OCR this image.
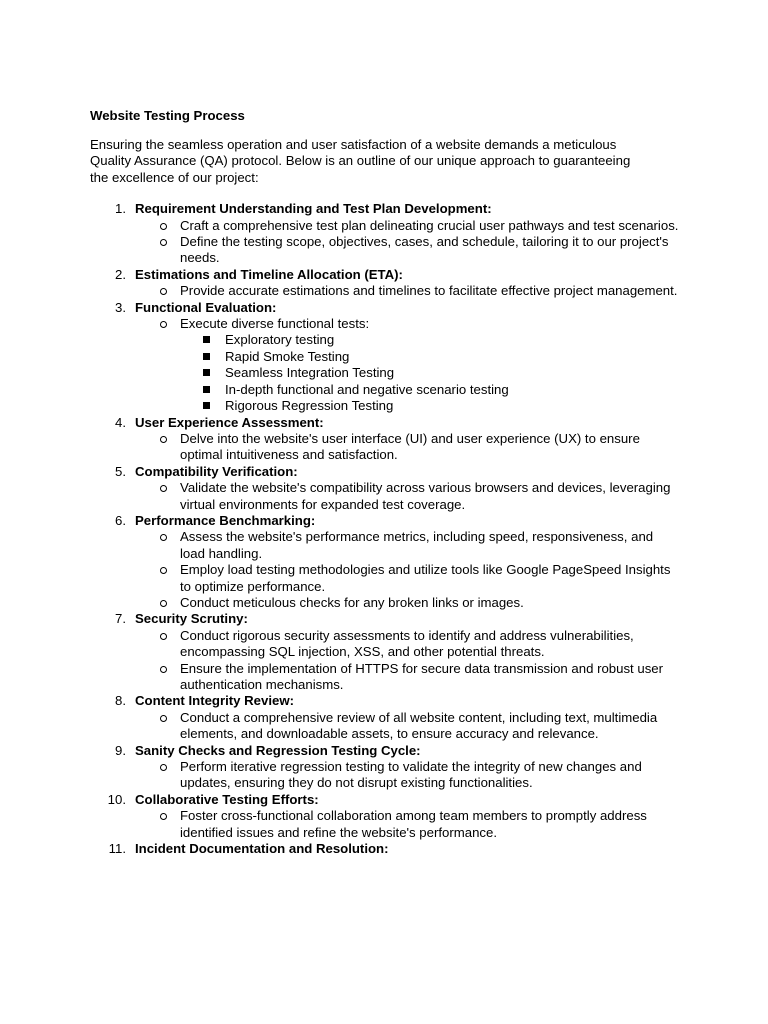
Website Testing Process
Ensuring the seamless operation and user satisfaction of a website demands a meticulous Quality Assurance (QA) protocol. Below is an outline of our unique approach to guaranteeing the excellence of our project:
1. Requirement Understanding and Test Plan Development:
Craft a comprehensive test plan delineating crucial user pathways and test scenarios.
Define the testing scope, objectives, cases, and schedule, tailoring it to our project's needs.
2. Estimations and Timeline Allocation (ETA):
Provide accurate estimations and timelines to facilitate effective project management.
3. Functional Evaluation:
Execute diverse functional tests:
Exploratory testing
Rapid Smoke Testing
Seamless Integration Testing
In-depth functional and negative scenario testing
Rigorous Regression Testing
4. User Experience Assessment:
Delve into the website's user interface (UI) and user experience (UX) to ensure optimal intuitiveness and satisfaction.
5. Compatibility Verification:
Validate the website's compatibility across various browsers and devices, leveraging virtual environments for expanded test coverage.
6. Performance Benchmarking:
Assess the website's performance metrics, including speed, responsiveness, and load handling.
Employ load testing methodologies and utilize tools like Google PageSpeed Insights to optimize performance.
Conduct meticulous checks for any broken links or images.
7. Security Scrutiny:
Conduct rigorous security assessments to identify and address vulnerabilities, encompassing SQL injection, XSS, and other potential threats.
Ensure the implementation of HTTPS for secure data transmission and robust user authentication mechanisms.
8. Content Integrity Review:
Conduct a comprehensive review of all website content, including text, multimedia elements, and downloadable assets, to ensure accuracy and relevance.
9. Sanity Checks and Regression Testing Cycle:
Perform iterative regression testing to validate the integrity of new changes and updates, ensuring they do not disrupt existing functionalities.
10. Collaborative Testing Efforts:
Foster cross-functional collaboration among team members to promptly address identified issues and refine the website's performance.
11. Incident Documentation and Resolution:
